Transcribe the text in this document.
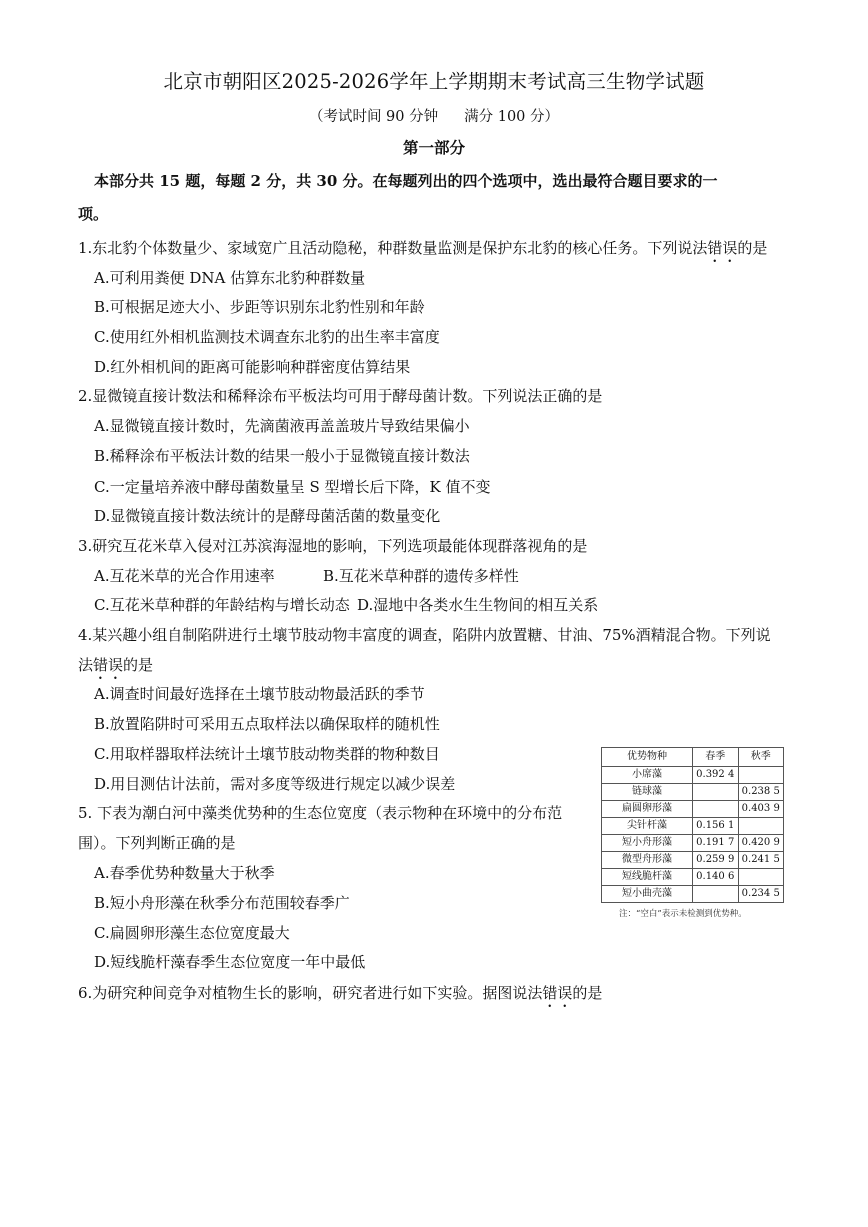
北京市朝阳区2025-2026学年上学期期末考试高三生物学试题
（考试时间 90 分钟 满分 100 分）
第一部分
本部分共 15 题，每题 2 分，共 30 分。在每题列出的四个选项中，选出最符合题目要求的一
项。
1.东北豹个体数量少、家域宽广且活动隐秘，种群数量监测是保护东北豹的核心任务。下列说法错误的是
A.可利用粪便 DNA 估算东北豹种群数量
B.可根据足迹大小、步距等识别东北豹性别和年龄
C.使用红外相机监测技术调查东北豹的出生率丰富度
D.红外相机间的距离可能影响种群密度估算结果
2.显微镜直接计数法和稀释涂布平板法均可用于酵母菌计数。下列说法正确的是
A.显微镜直接计数时，先滴菌液再盖盖玻片导致结果偏小
B.稀释涂布平板法计数的结果一般小于显微镜直接计数法
C.一定量培养液中酵母菌数量呈 S 型增长后下降，K 值不变
D.显微镜直接计数法统计的是酵母菌活菌的数量变化
3.研究互花米草入侵对江苏滨海湿地的影响，下列选项最能体现群落视角的是
A.互花米草的光合作用速率	B.互花米草种群的遗传多样性
C.互花米草种群的年龄结构与增长动态 D.湿地中各类水生生物间的相互关系
4.某兴趣小组自制陷阱进行土壤节肢动物丰富度的调查，陷阱内放置糖、甘油、75%酒精混合物。下列说
法错误的是
A.调查时间最好选择在土壤节肢动物最活跃的季节
B.放置陷阱时可采用五点取样法以确保取样的随机性
C.用取样器取样法统计土壤节肢动物类群的物种数目
D.用目测估计法前，需对多度等级进行规定以减少误差
5. 下表为潮白河中藻类优势种的生态位宽度（表示物种在环境中的分布范
围）。下列判断正确的是
A.春季优势种数量大于秋季
B.短小舟形藻在秋季分布范围较春季广
C.扁圆卵形藻生态位宽度最大
D.短线脆杆藻春季生态位宽度一年中最低
6.为研究种间竞争对植物生长的影响，研究者进行如下实验。据图说法错误的是
优势物种	春季	秋季
小席藻	0.392 4	
链球藻		0.238 5
扁圆卵形藻		0.403 9
尖针杆藻	0.156 1	
短小舟形藻	0.191 7	0.420 9
微型舟形藻	0.259 9	0.241 5
短线脆杆藻	0.140 6	
短小曲壳藻		0.234 5
注：“空白”表示未检测到优势种。
